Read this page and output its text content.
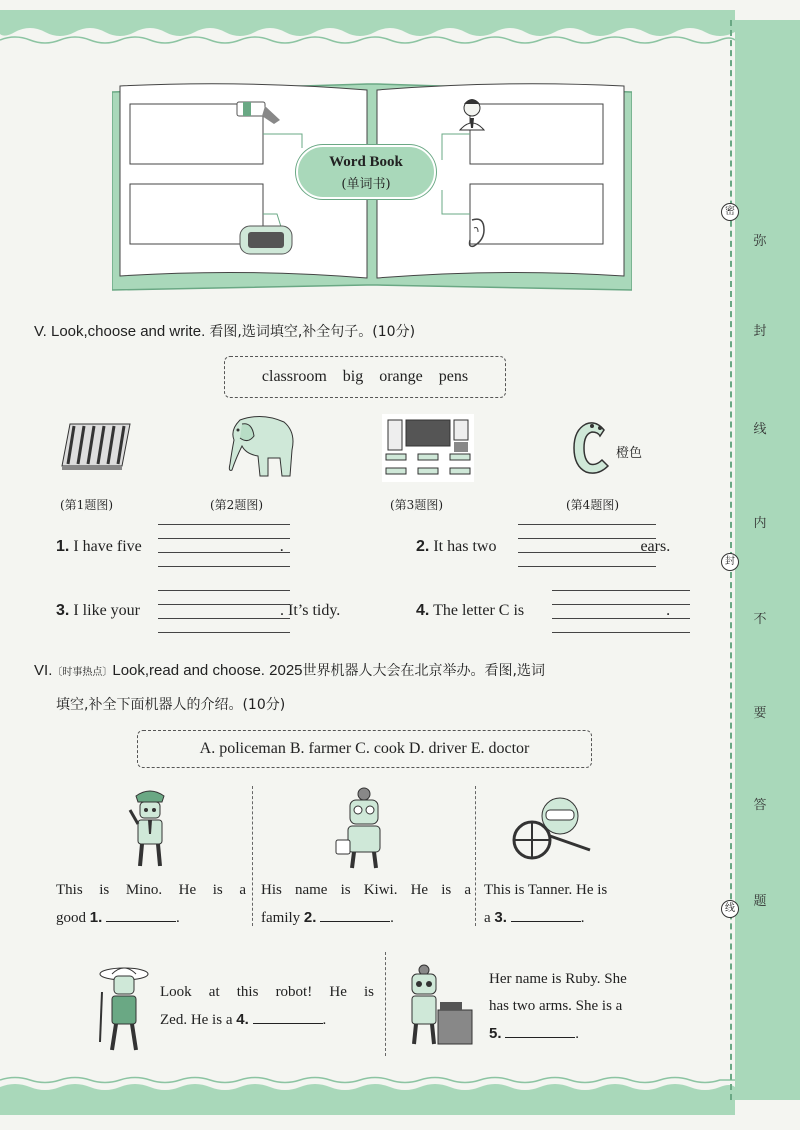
弥
封
线
内
不
要
答
题
密
封
线
Word Book
(单词书)
V. Look,choose and write. 看图,选词填空,补全句子。(10分)
classroom big orange pens
橙色
(第1题图)	(第2题图)	(第3题图)	(第4题图)
1. I have five	.	2. It has two	ears.
3. I like your	. It’s tidy.	4. The letter C is	.
VI.〔时事热点〕Look,read and choose. 2025世界机器人大会在北京举办。看图,选词
填空,补全下面机器人的介绍。(10分)
A. policeman B. farmer C. cook D. driver E. doctor
This is Mino. He is a
good 1.	.
His name is Kiwi. He is a
family 2.	.
This is Tanner. He is
a 3.	.
Look at this robot! He is
Zed. He is a 4.	.
Her name is Ruby. She
has two arms. She is a
5.	.
